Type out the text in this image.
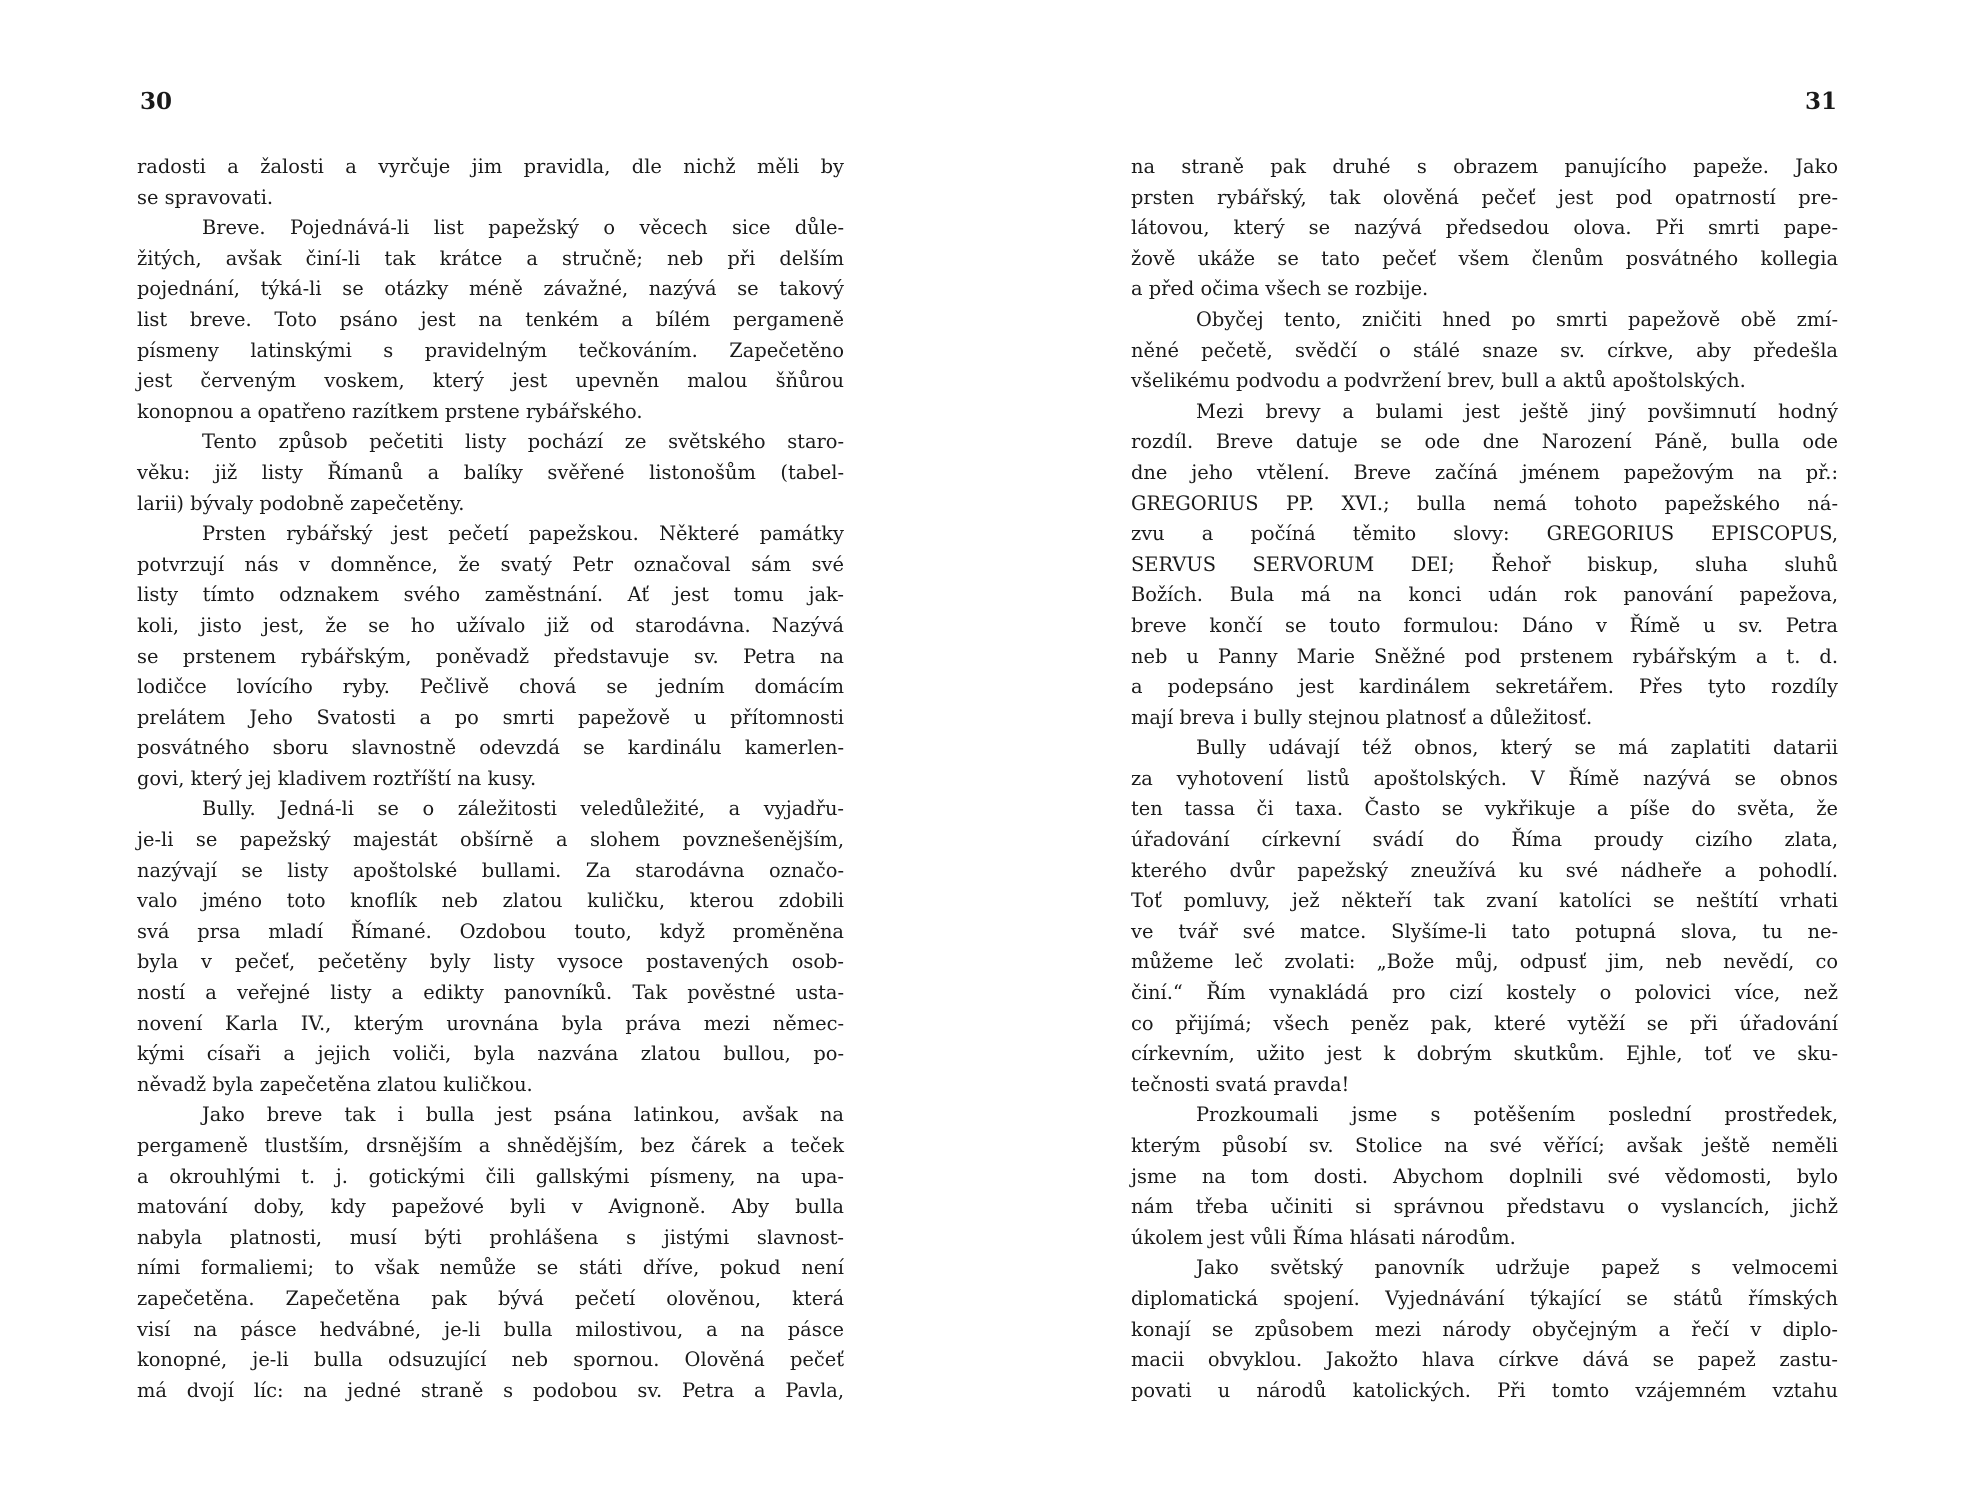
30

radosti a žalosti a vyrčuje jim pravidla, dle nichž měli by

se spravovati.

Breve. Pojednává-li list papežský o věcech sice důle-

žitých, avšak činí-li tak krátce a stručně; neb při delším

pojednání, týká-li se otázky méně závažné, nazývá se takový

list breve. Toto psáno jest na tenkém a bílém pergameně

písmeny latinskými s pravidelným tečkováním. Zapečetěno

jest červeným voskem, který jest upevněn malou šňůrou

konopnou a opatřeno razítkem prstene rybářského.

Tento způsob pečetiti listy pochází ze světského staro-

věku: již listy Římanů a balíky svěřené listonošům (tabel-

larii) bývaly podobně zapečetěny.

Prsten rybářský jest pečetí papežskou. Některé památky

potvrzují nás v domněnce, že svatý Petr označoval sám své

listy tímto odznakem svého zaměstnání. Ať jest tomu jak-

koli, jisto jest, že se ho užívalo již od starodávna. Nazývá

se prstenem rybářským, poněvadž představuje sv. Petra na

lodičce lovícího ryby. Pečlivě chová se jedním domácím

prelátem Jeho Svatosti a po smrti papežově u přítomnosti

posvátného sboru slavnostně odevzdá se kardinálu kamerlen-

govi, který jej kladivem roztříští na kusy.

Bully. Jedná-li se o záležitosti veledůležité, a vyjadřu-

je-li se papežský majestát obšírně a slohem povznešenějším,

nazývají se listy apoštolské bullami. Za starodávna označo-

valo jméno toto knoflík neb zlatou kuličku, kterou zdobili

svá prsa mladí Římané. Ozdobou touto, když proměněna

byla v pečeť, pečetěny byly listy vysoce postavených osob-

ností a veřejné listy a edikty panovníků. Tak pověstné usta-

novení Karla IV., kterým urovnána byla práva mezi němec-

kými císaři a jejich voliči, byla nazvána zlatou bullou, po-

něvadž byla zapečetěna zlatou kuličkou.

Jako breve tak i bulla jest psána latinkou, avšak na

pergameně tlustším, drsnějším a shnědějším, bez čárek a teček

a okrouhlými t. j. gotickými čili gallskými písmeny, na upa-

matování doby, kdy papežové byli v Avignoně. Aby bulla

nabyla platnosti, musí býti prohlášena s jistými slavnost-

ními formaliemi; to však nemůže se státi dříve, pokud není

zapečetěna. Zapečetěna pak bývá pečetí olověnou, která

visí na pásce hedvábné, je-li bulla milostivou, a na pásce

konopné, je-li bulla odsuzující neb spornou. Olověná pečeť

má dvojí líc: na jedné straně s podobou sv. Petra a Pavla,

31

na straně pak druhé s obrazem panujícího papeže. Jako

prsten rybářský, tak olověná pečeť jest pod opatrností pre-

látovou, který se nazývá předsedou olova. Při smrti pape-

žově ukáže se tato pečeť všem členům posvátného kollegia

a před očima všech se rozbije.

Obyčej tento, zničiti hned po smrti papežově obě zmí-

něné pečetě, svědčí o stálé snaze sv. církve, aby předešla

všelikému podvodu a podvržení brev, bull a aktů apoštolských.

Mezi brevy a bulami jest ještě jiný povšimnutí hodný

rozdíl. Breve datuje se ode dne Narození Páně, bulla ode

dne jeho vtělení. Breve začíná jménem papežovým na př.:

GREGORIUS PP. XVI.; bulla nemá tohoto papežského ná-

zvu a počíná těmito slovy: GREGORIUS EPISCOPUS,

SERVUS SERVORUM DEI; Řehoř biskup, sluha sluhů

Božích. Bula má na konci udán rok panování papežova,

breve končí se touto formulou: Dáno v Římě u sv. Petra

neb u Panny Marie Sněžné pod prstenem rybářským a t. d.

a podepsáno jest kardinálem sekretářem. Přes tyto rozdíly

mají breva i bully stejnou platnosť a důležitosť.

Bully udávají též obnos, který se má zaplatiti datarii

za vyhotovení listů apoštolských. V Římě nazývá se obnos

ten tassa či taxa. Často se vykřikuje a píše do světa, že

úřadování církevní svádí do Říma proudy cizího zlata,

kterého dvůr papežský zneužívá ku své nádheře a pohodlí.

Toť pomluvy, jež někteří tak zvaní katolíci se neštítí vrhati

ve tvář své matce. Slyšíme-li tato potupná slova, tu ne-

můžeme leč zvolati: „Bože můj, odpusť jim, neb nevědí, co

činí.“ Řím vynakládá pro cizí kostely o polovici více, než

co přijímá; všech peněz pak, které vytěží se při úřadování

církevním, užito jest k dobrým skutkům. Ejhle, toť ve sku-

tečnosti svatá pravda!

Prozkoumali jsme s potěšením poslední prostředek,

kterým působí sv. Stolice na své věřící; avšak ještě neměli

jsme na tom dosti. Abychom doplnili své vědomosti, bylo

nám třeba učiniti si správnou představu o vyslancích, jichž

úkolem jest vůli Říma hlásati národům.

Jako světský panovník udržuje papež s velmocemi

diplomatická spojení. Vyjednávání týkající se států římských

konají se způsobem mezi národy obyčejným a řečí v diplo-

macii obvyklou. Jakožto hlava církve dává se papež zastu-

povati u národů katolických. Při tomto vzájemném vztahu
